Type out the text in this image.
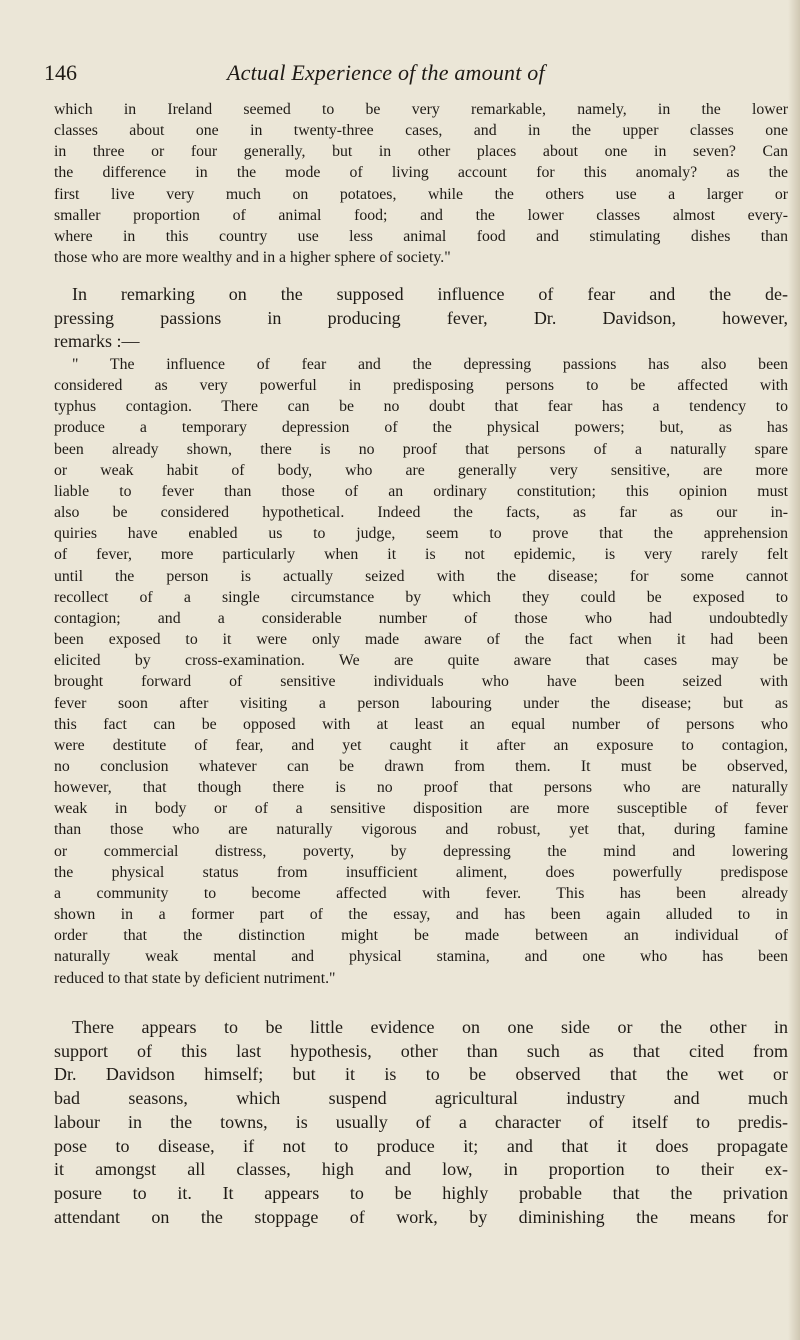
146	Actual Experience of the amount of
which in Ireland seemed to be very remarkable, namely, in the lower
classes about one in twenty-three cases, and in the upper classes one
in three or four generally, but in other places about one in seven? Can
the difference in the mode of living account for this anomaly? as the
first live very much on potatoes, while the others use a larger or
smaller proportion of animal food; and the lower classes almost every-
where in this country use less animal food and stimulating dishes than
those who are more wealthy and in a higher sphere of society."
In remarking on the supposed influence of fear and the de-
pressing passions in producing fever, Dr. Davidson, however,
remarks :—
" The influence of fear and the depressing passions has also been
considered as very powerful in predisposing persons to be affected with
typhus contagion. There can be no doubt that fear has a tendency to
produce a temporary depression of the physical powers; but, as has
been already shown, there is no proof that persons of a naturally spare
or weak habit of body, who are generally very sensitive, are more
liable to fever than those of an ordinary constitution; this opinion must
also be considered hypothetical. Indeed the facts, as far as our in-
quiries have enabled us to judge, seem to prove that the apprehension
of fever, more particularly when it is not epidemic, is very rarely felt
until the person is actually seized with the disease; for some cannot
recollect of a single circumstance by which they could be exposed to
contagion; and a considerable number of those who had undoubtedly
been exposed to it were only made aware of the fact when it had been
elicited by cross-examination. We are quite aware that cases may be
brought forward of sensitive individuals who have been seized with
fever soon after visiting a person labouring under the disease; but as
this fact can be opposed with at least an equal number of persons who
were destitute of fear, and yet caught it after an exposure to contagion,
no conclusion whatever can be drawn from them. It must be observed,
however, that though there is no proof that persons who are naturally
weak in body or of a sensitive disposition are more susceptible of fever
than those who are naturally vigorous and robust, yet that, during famine
or commercial distress, poverty, by depressing the mind and lowering
the physical status from insufficient aliment, does powerfully predispose
a community to become affected with fever. This has been already
shown in a former part of the essay, and has been again alluded to in
order that the distinction might be made between an individual of
naturally weak mental and physical stamina, and one who has been
reduced to that state by deficient nutriment."
There appears to be little evidence on one side or the other in
support of this last hypothesis, other than such as that cited from
Dr. Davidson himself; but it is to be observed that the wet or
bad seasons, which suspend agricultural industry and much
labour in the towns, is usually of a character of itself to predis-
pose to disease, if not to produce it; and that it does propagate
it amongst all classes, high and low, in proportion to their ex-
posure to it. It appears to be highly probable that the privation
attendant on the stoppage of work, by diminishing the means for
